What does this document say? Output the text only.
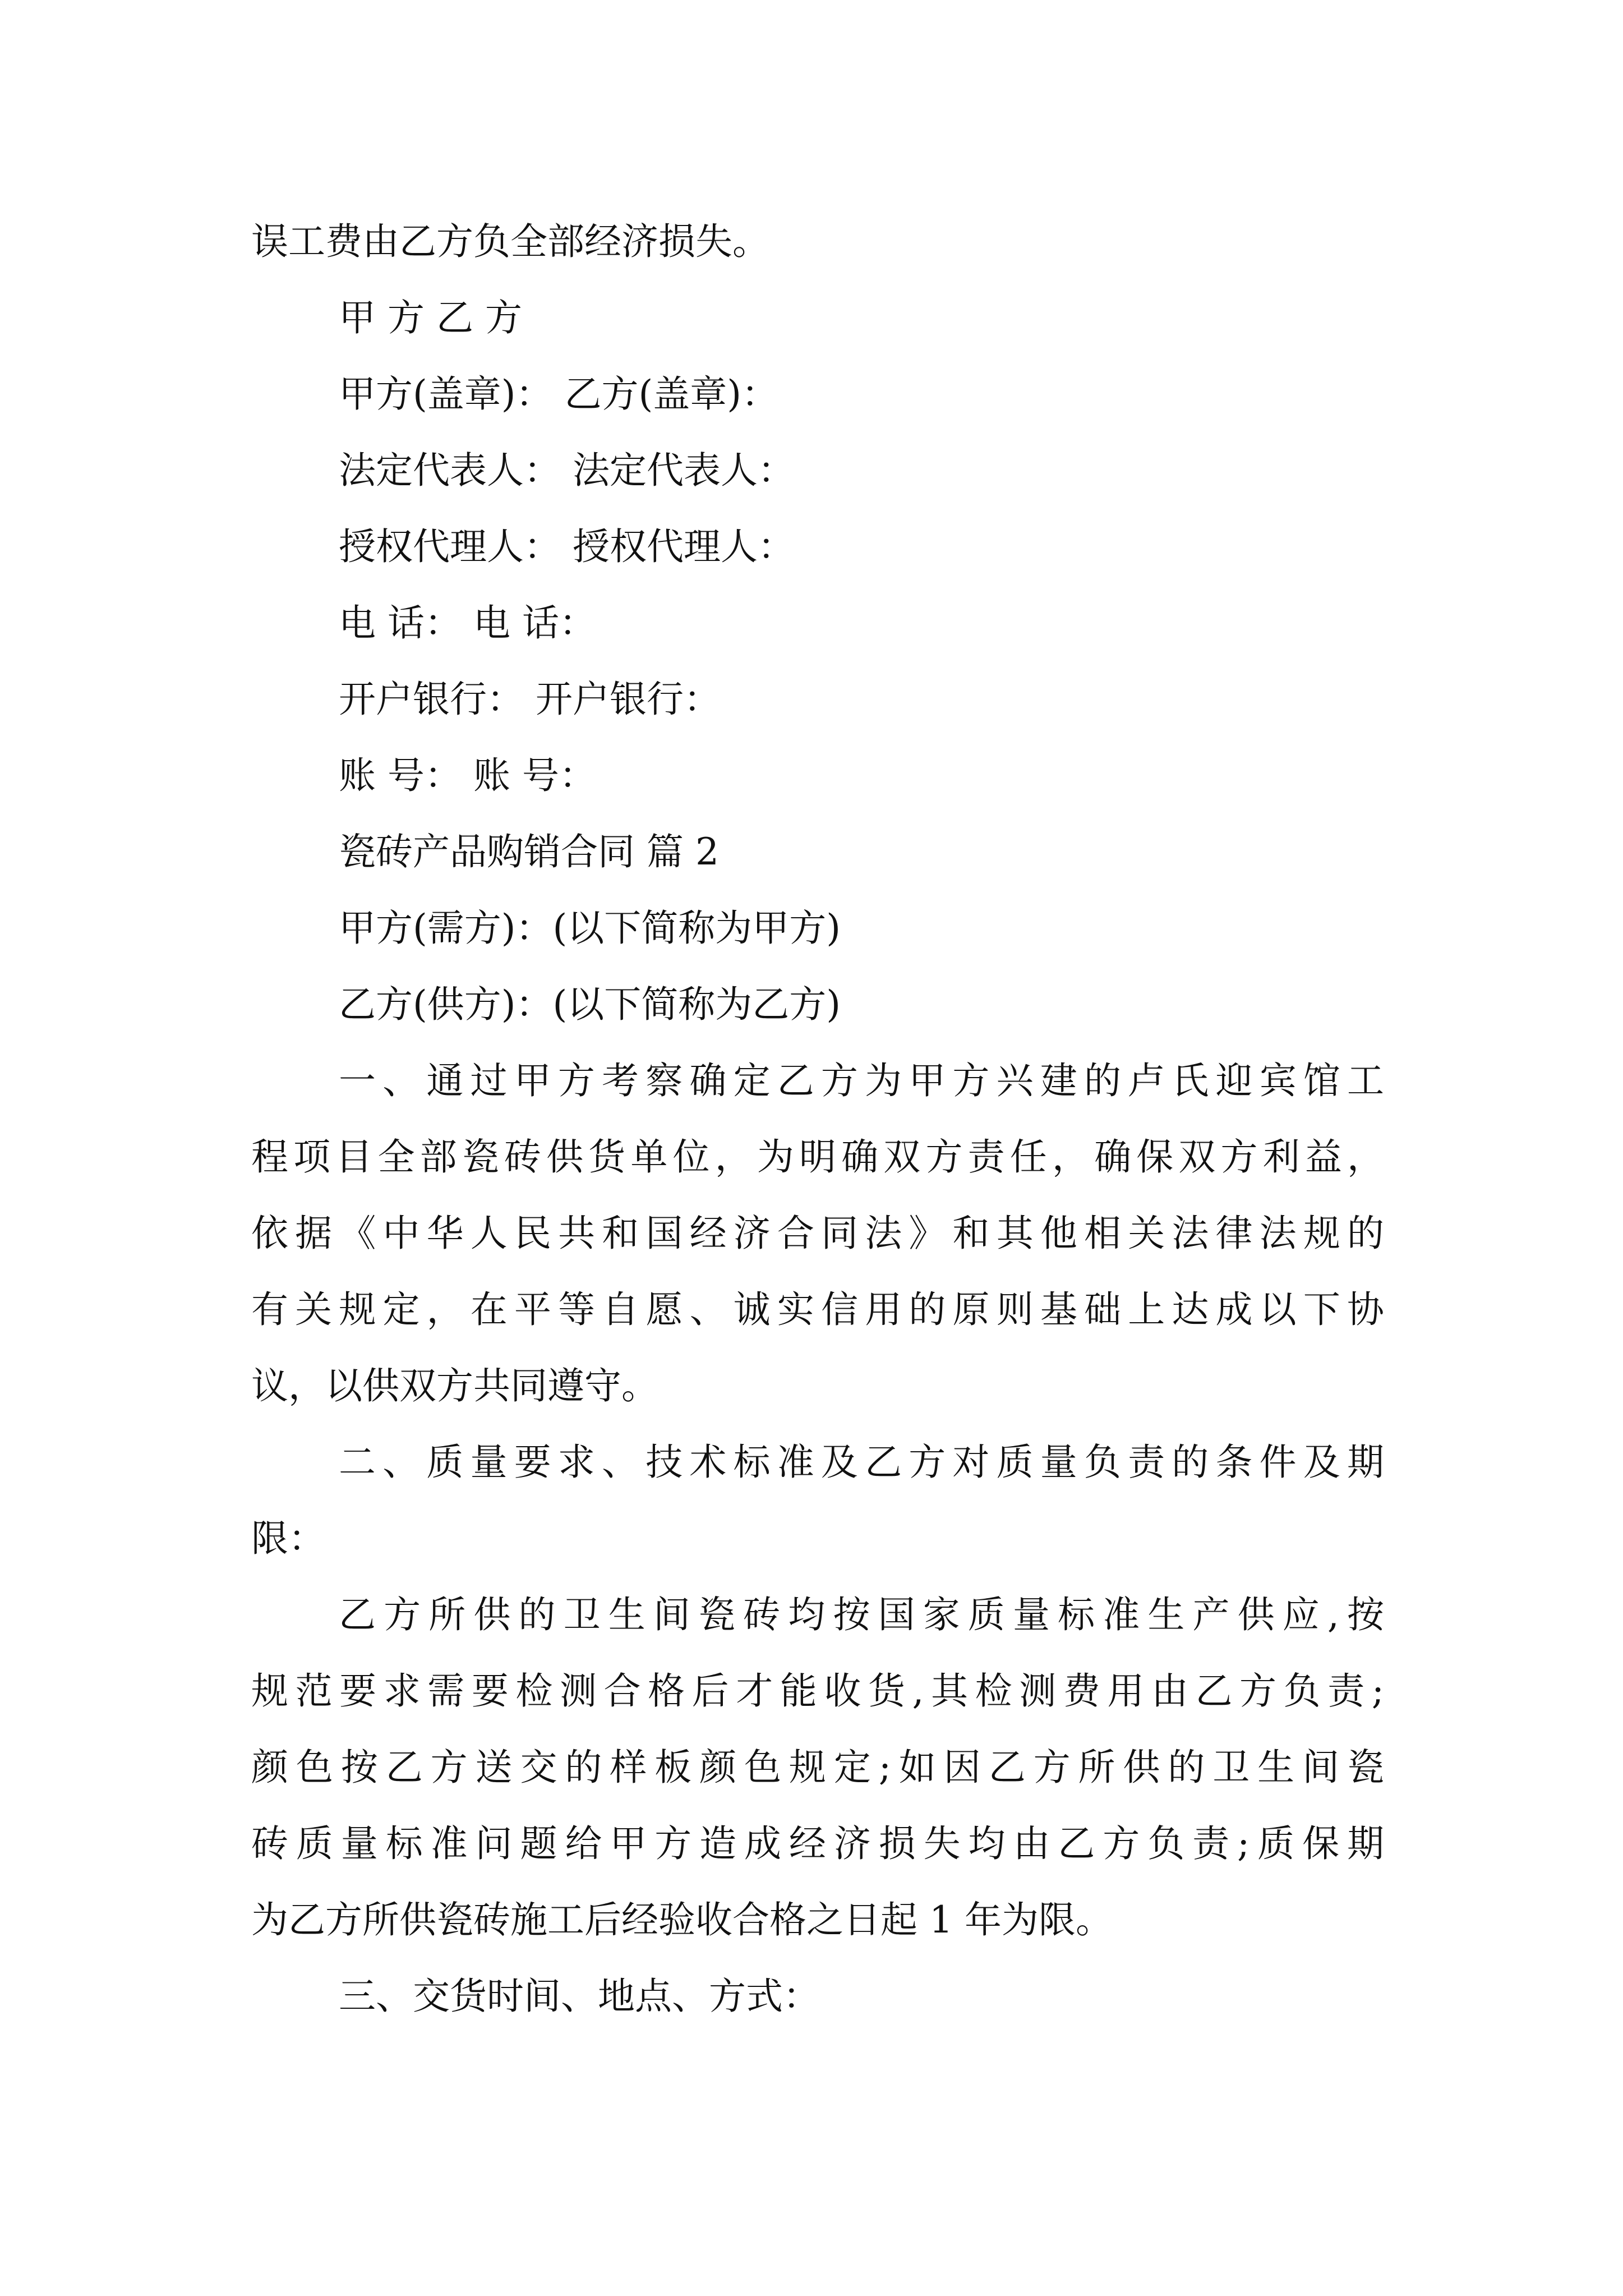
误工费由乙方负全部经济损失。
甲 方 乙 方
甲方(盖章)： 乙方(盖章)：
法定代表人： 法定代表人：
授权代理人： 授权代理人：
电 话： 电 话：
开户银行： 开户银行：
账 号： 账 号：
瓷砖产品购销合同 篇 2
甲方(需方)：(以下简称为甲方)
乙方(供方)：(以下简称为乙方)
一、通过甲方考察确定乙方为甲方兴建的卢氏迎宾馆工
程项目全部瓷砖供货单位，为明确双方责任，确保双方利益，
依据《中华人民共和国经济合同法》和其他相关法律法规的
有关规定，在平等自愿、诚实信用的原则基础上达成以下协
议，以供双方共同遵守。
二、质量要求、技术标准及乙方对质量负责的条件及期
限：
乙方所供的卫生间瓷砖均按国家质量标准生产供应,按
规范要求需要检测合格后才能收货,其检测费用由乙方负责;
颜色按乙方送交的样板颜色规定;如因乙方所供的卫生间瓷
砖质量标准问题给甲方造成经济损失均由乙方负责;质保期
为乙方所供瓷砖施工后经验收合格之日起 1 年为限。
三、交货时间、地点、方式：
